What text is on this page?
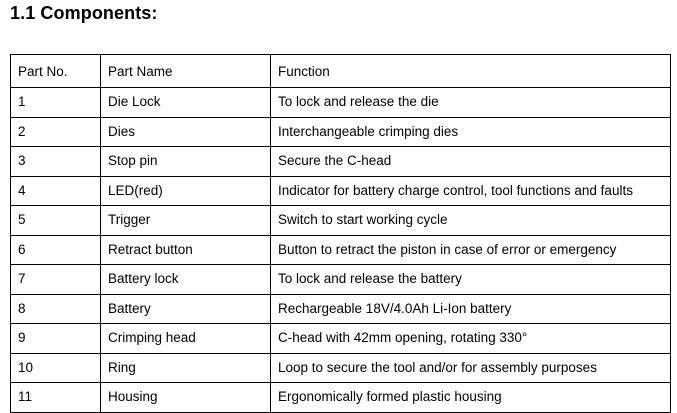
1.1 Components:
Part No.	Part Name	Function
1	Die Lock	To lock and release the die
2	Dies	Interchangeable crimping dies
3	Stop pin	Secure the C-head
4	LED(red)	Indicator for battery charge control, tool functions and faults
5	Trigger	Switch to start working cycle
6	Retract button	Button to retract the piston in case of error or emergency
7	Battery lock	To lock and release the battery
8	Battery	Rechargeable 18V/4.0Ah Li-Ion battery
9	Crimping head	C-head with 42mm opening, rotating 330°
10	Ring	Loop to secure the tool and/or for assembly purposes
11	Housing	Ergonomically formed plastic housing
